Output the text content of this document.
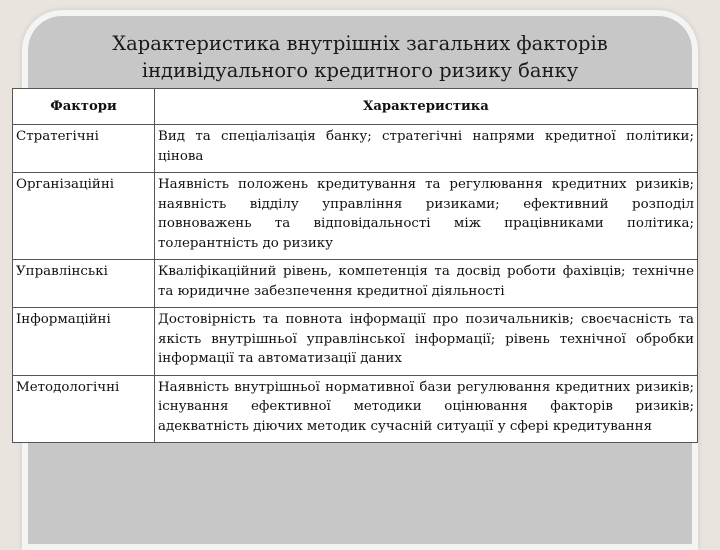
Характеристика внутрішніх загальних факторів
індивідуального кредитного ризику банку
Фактори	Характеристика
Стратегічні	Вид та спеціалізація банку; стратегічні напрями кредитної політики; цінова
Організаційні	Наявність положень кредитування та регулювання кредитних ризиків; наявність відділу управління ризиками; ефективний розподіл повноважень та відповідальності між працівниками політика; толерантність до ризику
Управлінські	Кваліфікаційний рівень, компетенція та досвід роботи фахівців; технічне та юридичне забезпечення кредитної діяльності
Інформаційні	Достовірність та повнота інформації про позичальників; своєчасність та якість внутрішньої управлінської інформації; рівень технічної обробки інформації та автоматизації даних
Методологічні	Наявність внутрішньої нормативної бази регулювання кредитних ризиків; існування ефективної методики оцінювання факторів ризиків; адекватність діючих методик сучасній ситуації у сфері кредитування
